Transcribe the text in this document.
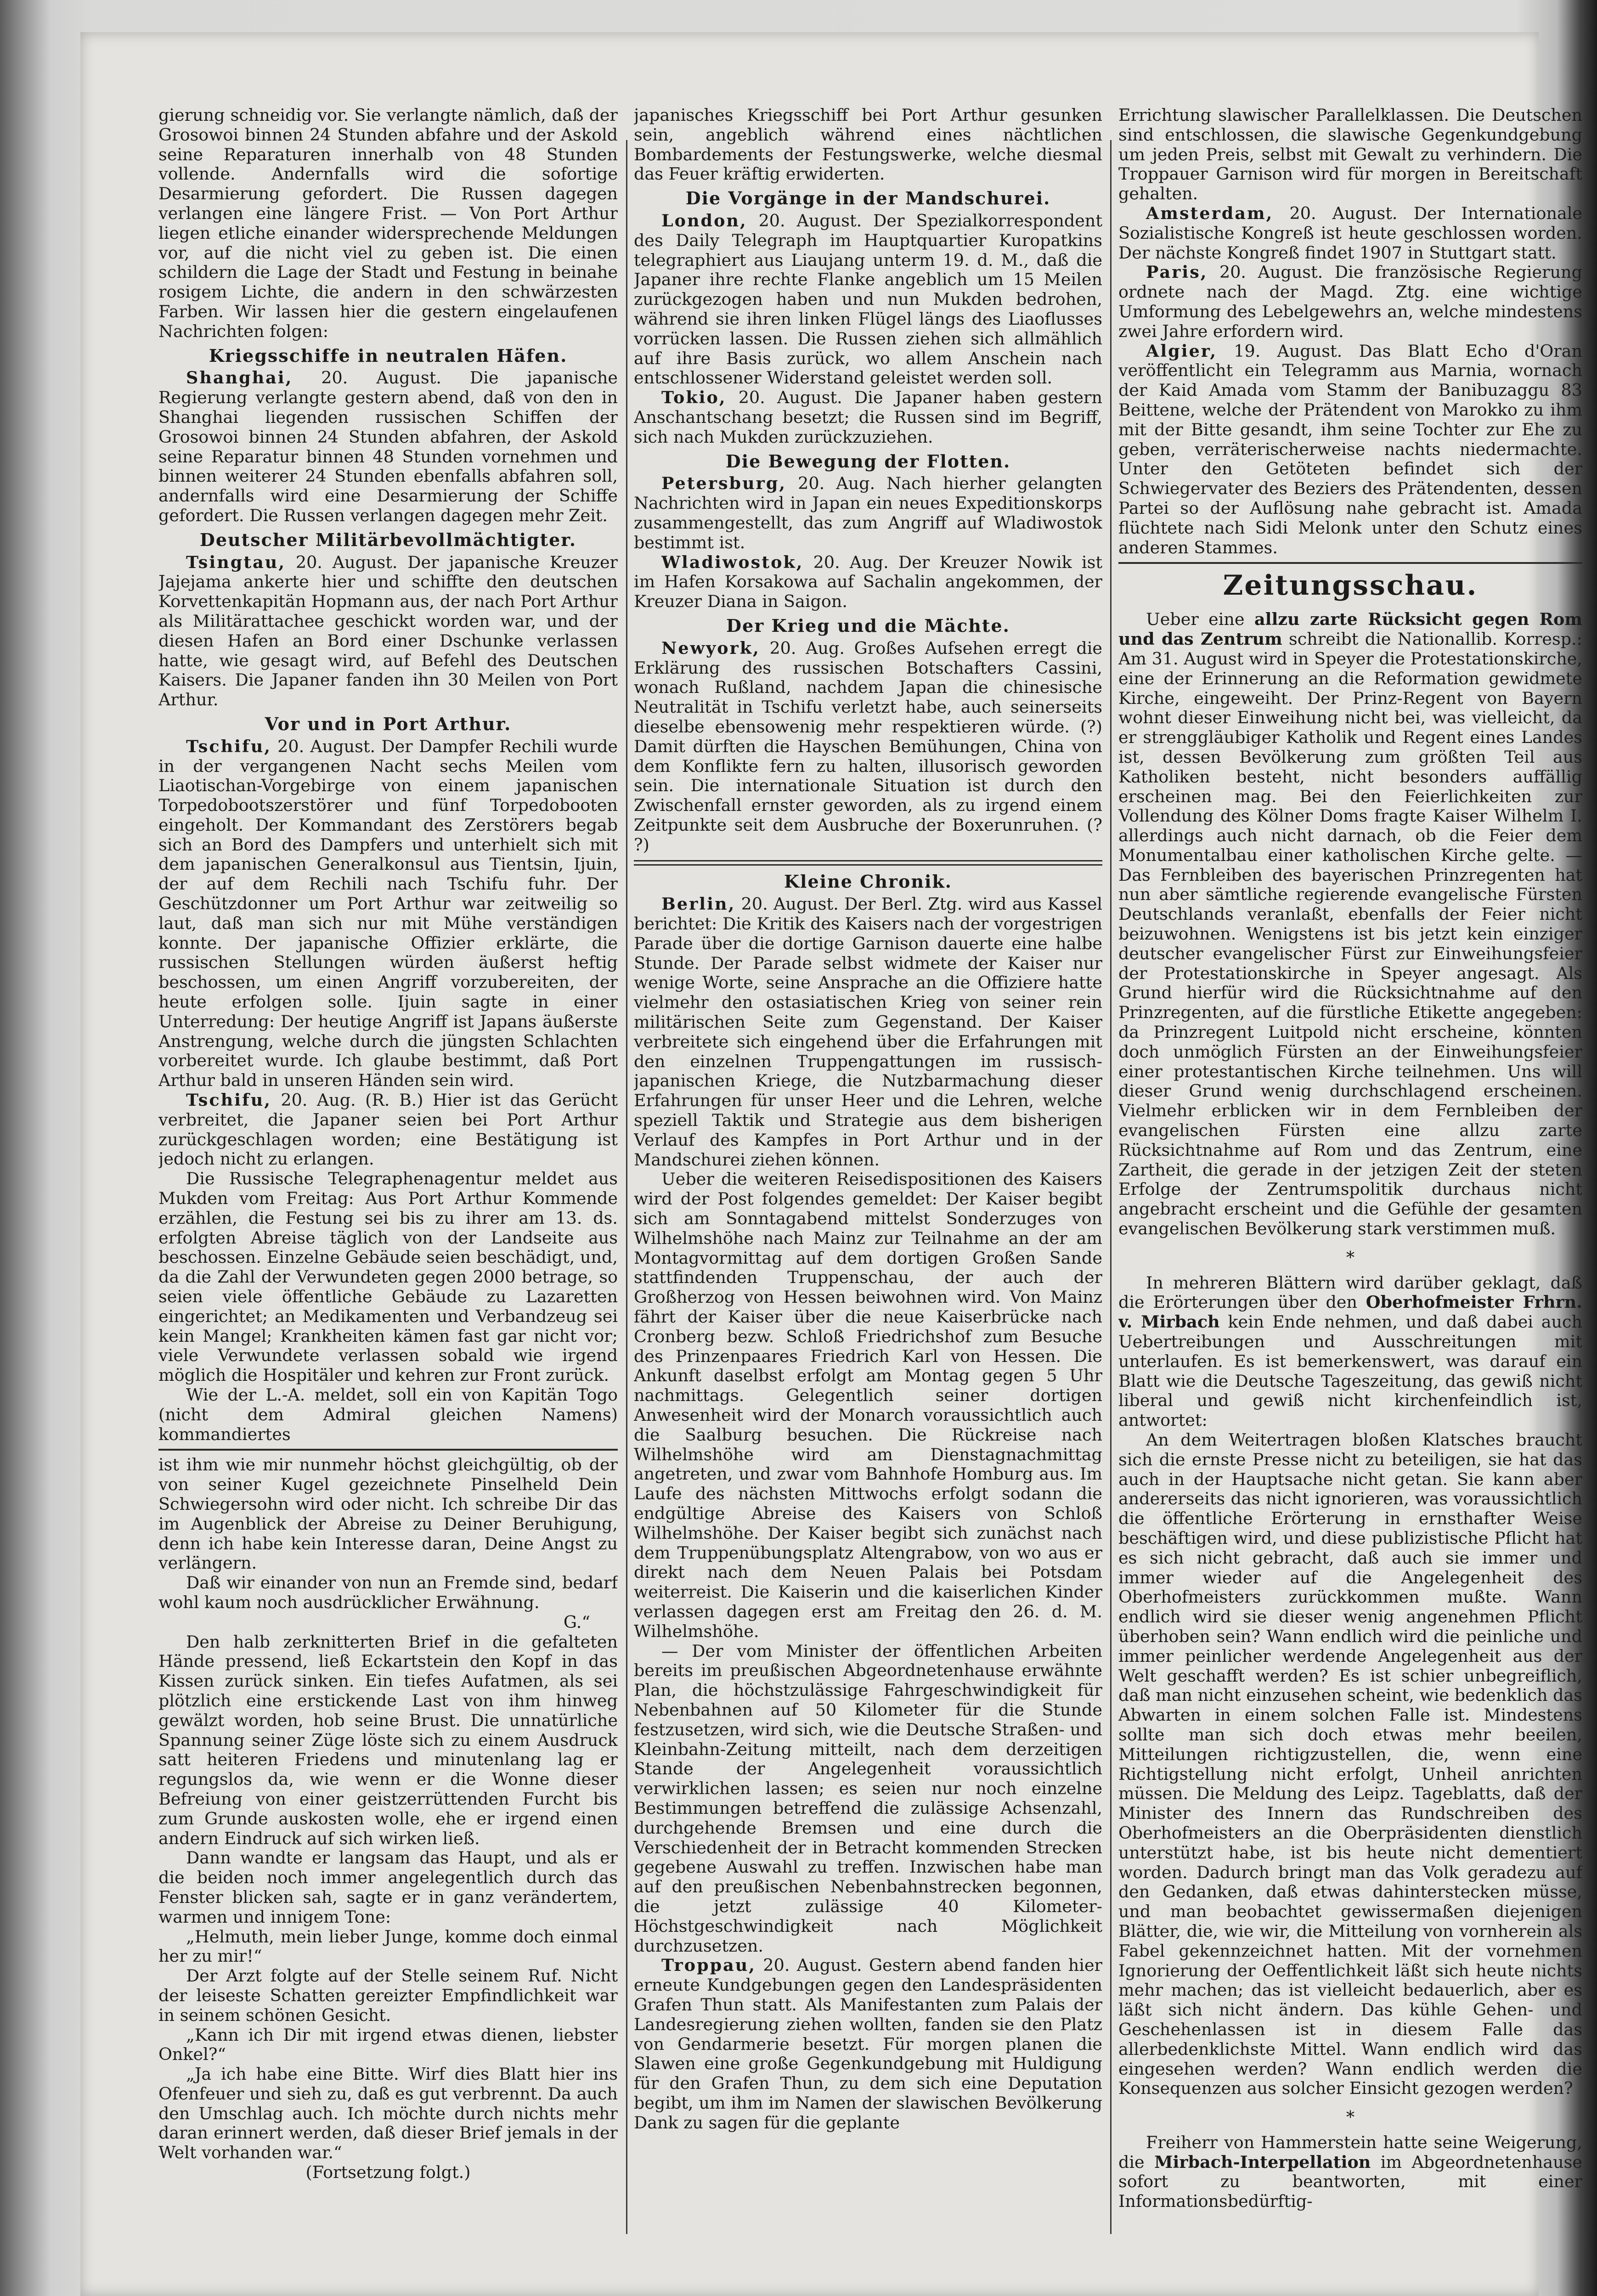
gierung schneidig vor. Sie verlangte nämlich, daß der Grosowoi binnen 24 Stunden abfahre und der Askold seine Reparaturen innerhalb von 48 Stunden vollende. Andernfalls wird die sofortige Desarmierung gefordert. Die Russen dagegen verlangen eine längere Frist. — Von Port Arthur liegen etliche einander widersprechende Meldungen vor, auf die nicht viel zu geben ist. Die einen schildern die Lage der Stadt und Festung in beinahe rosigem Lichte, die andern in den schwärzesten Farben. Wir lassen hier die gestern eingelaufenen Nachrichten folgen:

Kriegsschiffe in neutralen Häfen.

Shanghai, 20. August. Die japanische Regierung verlangte gestern abend, daß von den in Shanghai liegenden russischen Schiffen der Grosowoi binnen 24 Stunden abfahren, der Askold seine Reparatur binnen 48 Stunden vornehmen und binnen weiterer 24 Stunden ebenfalls abfahren soll, andernfalls wird eine Desarmierung der Schiffe gefordert. Die Russen verlangen dagegen mehr Zeit.

Deutscher Militärbevollmächtigter.

Tsingtau, 20. August. Der japanische Kreuzer Jajejama ankerte hier und schiffte den deutschen Korvettenkapitän Hopmann aus, der nach Port Arthur als Militärattachee geschickt worden war, und der diesen Hafen an Bord einer Dschunke verlassen hatte, wie gesagt wird, auf Befehl des Deutschen Kaisers. Die Japaner fanden ihn 30 Meilen von Port Arthur.

Vor und in Port Arthur.

Tschifu, 20. August. Der Dampfer Rechili wurde in der vergangenen Nacht sechs Meilen vom Liaotischan-Vorgebirge von einem japanischen Torpedobootszerstörer und fünf Torpedobooten eingeholt. Der Kommandant des Zerstörers begab sich an Bord des Dampfers und unterhielt sich mit dem japanischen Generalkonsul aus Tientsin, Ijuin, der auf dem Rechili nach Tschifu fuhr. Der Geschützdonner um Port Arthur war zeitweilig so laut, daß man sich nur mit Mühe verständigen konnte. Der japanische Offizier erklärte, die russischen Stellungen würden äußerst heftig beschossen, um einen Angriff vorzubereiten, der heute erfolgen solle. Ijuin sagte in einer Unterredung: Der heutige Angriff ist Japans äußerste Anstrengung, welche durch die jüngsten Schlachten vorbereitet wurde. Ich glaube bestimmt, daß Port Arthur bald in unseren Händen sein wird.

Tschifu, 20. Aug. (R. B.) Hier ist das Gerücht verbreitet, die Japaner seien bei Port Arthur zurückgeschlagen worden; eine Bestätigung ist jedoch nicht zu erlangen.

Die Russische Telegraphenagentur meldet aus Mukden vom Freitag: Aus Port Arthur Kommende erzählen, die Festung sei bis zu ihrer am 13. ds. erfolgten Abreise täglich von der Landseite aus beschossen. Einzelne Gebäude seien beschädigt, und, da die Zahl der Verwundeten gegen 2000 betrage, so seien viele öffentliche Gebäude zu Lazaretten eingerichtet; an Medikamenten und Verbandzeug sei kein Mangel; Krankheiten kämen fast gar nicht vor; viele Verwundete verlassen sobald wie irgend möglich die Hospitäler und kehren zur Front zurück.

Wie der L.-A. meldet, soll ein von Kapitän Togo (nicht dem Admiral gleichen Namens) kommandiertes

ist ihm wie mir nunmehr höchst gleichgültig, ob der von seiner Kugel gezeichnete Pinselheld Dein Schwiegersohn wird oder nicht. Ich schreibe Dir das im Augenblick der Abreise zu Deiner Beruhigung, denn ich habe kein Interesse daran, Deine Angst zu verlängern.

Daß wir einander von nun an Fremde sind, bedarf wohl kaum noch ausdrücklicher Erwähnung.

G.“

Den halb zerknitterten Brief in die gefalteten Hände pressend, ließ Eckartstein den Kopf in das Kissen zurück sinken. Ein tiefes Aufatmen, als sei plötzlich eine erstickende Last von ihm hinweg gewälzt worden, hob seine Brust. Die unnatürliche Spannung seiner Züge löste sich zu einem Ausdruck satt heiteren Friedens und minutenlang lag er regungslos da, wie wenn er die Wonne dieser Befreiung von einer geistzerrüttenden Furcht bis zum Grunde auskosten wolle, ehe er irgend einen andern Eindruck auf sich wirken ließ.

Dann wandte er langsam das Haupt, und als er die beiden noch immer angelegentlich durch das Fenster blicken sah, sagte er in ganz verändertem, warmen und innigem Tone:

„Helmuth, mein lieber Junge, komme doch einmal her zu mir!“

Der Arzt folgte auf der Stelle seinem Ruf. Nicht der leiseste Schatten gereizter Empfindlichkeit war in seinem schönen Gesicht.

„Kann ich Dir mit irgend etwas dienen, liebster Onkel?“

„Ja ich habe eine Bitte. Wirf dies Blatt hier ins Ofenfeuer und sieh zu, daß es gut verbrennt. Da auch den Umschlag auch. Ich möchte durch nichts mehr daran erinnert werden, daß dieser Brief jemals in der Welt vorhanden war.“

(Fortsetzung folgt.)

japanisches Kriegsschiff bei Port Arthur gesunken sein, angeblich während eines nächtlichen Bombardements der Festungswerke, welche diesmal das Feuer kräftig erwiderten.

Die Vorgänge in der Mandschurei.

London, 20. August. Der Spezialkorrespondent des Daily Telegraph im Hauptquartier Kuropatkins telegraphiert aus Liaujang unterm 19. d. M., daß die Japaner ihre rechte Flanke angeblich um 15 Meilen zurückgezogen haben und nun Mukden bedrohen, während sie ihren linken Flügel längs des Liaoflusses vorrücken lassen. Die Russen ziehen sich allmählich auf ihre Basis zurück, wo allem Anschein nach entschlossener Widerstand geleistet werden soll.

Tokio, 20. August. Die Japaner haben gestern Anschantschang besetzt; die Russen sind im Begriff, sich nach Mukden zurückzuziehen.

Die Bewegung der Flotten.

Petersburg, 20. Aug. Nach hierher gelangten Nachrichten wird in Japan ein neues Expeditionskorps zusammengestellt, das zum Angriff auf Wladiwostok bestimmt ist.

Wladiwostok, 20. Aug. Der Kreuzer Nowik ist im Hafen Korsakowa auf Sachalin angekommen, der Kreuzer Diana in Saigon.

Der Krieg und die Mächte.

Newyork, 20. Aug. Großes Aufsehen erregt die Erklärung des russischen Botschafters Cassini, wonach Rußland, nachdem Japan die chinesische Neutralität in Tschifu verletzt habe, auch seinerseits dieselbe ebensowenig mehr respektieren würde. (?) Damit dürften die Hayschen Bemühungen, China von dem Konflikte fern zu halten, illusorisch geworden sein. Die internationale Situation ist durch den Zwischenfall ernster geworden, als zu irgend einem Zeitpunkte seit dem Ausbruche der Boxerunruhen. (? ?)

Kleine Chronik.

Berlin, 20. August. Der Berl. Ztg. wird aus Kassel berichtet: Die Kritik des Kaisers nach der vorgestrigen Parade über die dortige Garnison dauerte eine halbe Stunde. Der Parade selbst widmete der Kaiser nur wenige Worte, seine Ansprache an die Offiziere hatte vielmehr den ostasiatischen Krieg von seiner rein militärischen Seite zum Gegenstand. Der Kaiser verbreitete sich eingehend über die Erfahrungen mit den einzelnen Truppengattungen im russisch-japanischen Kriege, die Nutzbarmachung dieser Erfahrungen für unser Heer und die Lehren, welche speziell Taktik und Strategie aus dem bisherigen Verlauf des Kampfes in Port Arthur und in der Mandschurei ziehen können.

Ueber die weiteren Reisedispositionen des Kaisers wird der Post folgendes gemeldet: Der Kaiser begibt sich am Sonntagabend mittelst Sonderzuges von Wilhelmshöhe nach Mainz zur Teilnahme an der am Montagvormittag auf dem dortigen Großen Sande stattfindenden Truppenschau, der auch der Großherzog von Hessen beiwohnen wird. Von Mainz fährt der Kaiser über die neue Kaiserbrücke nach Cronberg bezw. Schloß Friedrichshof zum Besuche des Prinzenpaares Friedrich Karl von Hessen. Die Ankunft daselbst erfolgt am Montag gegen 5 Uhr nachmittags. Gelegentlich seiner dortigen Anwesenheit wird der Monarch voraussichtlich auch die Saalburg besuchen. Die Rückreise nach Wilhelmshöhe wird am Dienstagnachmittag angetreten, und zwar vom Bahnhofe Homburg aus. Im Laufe des nächsten Mittwochs erfolgt sodann die endgültige Abreise des Kaisers von Schloß Wilhelmshöhe. Der Kaiser begibt sich zunächst nach dem Truppenübungsplatz Altengrabow, von wo aus er direkt nach dem Neuen Palais bei Potsdam weiterreist. Die Kaiserin und die kaiserlichen Kinder verlassen dagegen erst am Freitag den 26. d. M. Wilhelmshöhe.

— Der vom Minister der öffentlichen Arbeiten bereits im preußischen Abgeordnetenhause erwähnte Plan, die höchstzulässige Fahrgeschwindigkeit für Nebenbahnen auf 50 Kilometer für die Stunde festzusetzen, wird sich, wie die Deutsche Straßen- und Kleinbahn-Zeitung mitteilt, nach dem derzeitigen Stande der Angelegenheit voraussichtlich verwirklichen lassen; es seien nur noch einzelne Bestimmungen betreffend die zulässige Achsenzahl, durchgehende Bremsen und eine durch die Verschiedenheit der in Betracht kommenden Strecken gegebene Auswahl zu treffen. Inzwischen habe man auf den preußischen Nebenbahnstrecken begonnen, die jetzt zulässige 40 Kilometer-Höchstgeschwindigkeit nach Möglichkeit durchzusetzen.

Troppau, 20. August. Gestern abend fanden hier erneute Kundgebungen gegen den Landespräsidenten Grafen Thun statt. Als Manifestanten zum Palais der Landesregierung ziehen wollten, fanden sie den Platz von Gendarmerie besetzt. Für morgen planen die Slawen eine große Gegenkundgebung mit Huldigung für den Grafen Thun, zu dem sich eine Deputation begibt, um ihm im Namen der slawischen Bevölkerung Dank zu sagen für die geplante

Errichtung slawischer Parallelklassen. Die Deutschen sind entschlossen, die slawische Gegenkundgebung um jeden Preis, selbst mit Gewalt zu verhindern. Die Troppauer Garnison wird für morgen in Bereitschaft gehalten.

Amsterdam, 20. August. Der Internationale Sozialistische Kongreß ist heute geschlossen worden. Der nächste Kongreß findet 1907 in Stuttgart statt.

Paris, 20. August. Die französische Regierung ordnete nach der Magd. Ztg. eine wichtige Umformung des Lebelgewehrs an, welche mindestens zwei Jahre erfordern wird.

Algier, 19. August. Das Blatt Echo d'Oran veröffentlicht ein Telegramm aus Marnia, wornach der Kaid Amada vom Stamm der Banibuzaggu 83 Beittene, welche der Prätendent von Marokko zu ihm mit der Bitte gesandt, ihm seine Tochter zur Ehe zu geben, verräterischerweise nachts niedermachte. Unter den Getöteten befindet sich der Schwiegervater des Beziers des Prätendenten, dessen Partei so der Auflösung nahe gebracht ist. Amada flüchtete nach Sidi Melonk unter den Schutz eines anderen Stammes.

Zeitungsschau.

Ueber eine allzu zarte Rücksicht gegen Rom und das Zentrum schreibt die Nationallib. Korresp.: Am 31. August wird in Speyer die Protestationskirche, eine der Erinnerung an die Reformation gewidmete Kirche, eingeweiht. Der Prinz-Regent von Bayern wohnt dieser Einweihung nicht bei, was vielleicht, da er strenggläubiger Katholik und Regent eines Landes ist, dessen Bevölkerung zum größten Teil aus Katholiken besteht, nicht besonders auffällig erscheinen mag. Bei den Feierlichkeiten zur Vollendung des Kölner Doms fragte Kaiser Wilhelm I. allerdings auch nicht darnach, ob die Feier dem Monumentalbau einer katholischen Kirche gelte. — Das Fernbleiben des bayerischen Prinzregenten hat nun aber sämtliche regierende evangelische Fürsten Deutschlands veranlaßt, ebenfalls der Feier nicht beizuwohnen. Wenigstens ist bis jetzt kein einziger deutscher evangelischer Fürst zur Einweihungsfeier der Protestationskirche in Speyer angesagt. Als Grund hierfür wird die Rücksichtnahme auf den Prinzregenten, auf die fürstliche Etikette angegeben: da Prinzregent Luitpold nicht erscheine, könnten doch unmöglich Fürsten an der Einweihungsfeier einer protestantischen Kirche teilnehmen. Uns will dieser Grund wenig durchschlagend erscheinen. Vielmehr erblicken wir in dem Fernbleiben der evangelischen Fürsten eine allzu zarte Rücksichtnahme auf Rom und das Zentrum, eine Zartheit, die gerade in der jetzigen Zeit der steten Erfolge der Zentrumspolitik durchaus nicht angebracht erscheint und die Gefühle der gesamten evangelischen Bevölkerung stark verstimmen muß.

*

In mehreren Blättern wird darüber geklagt, daß die Erörterungen über den Oberhofmeister Frhrn. v. Mirbach kein Ende nehmen, und daß dabei auch Uebertreibungen und Ausschreitungen mit unterlaufen. Es ist bemerkenswert, was darauf ein Blatt wie die Deutsche Tageszeitung, das gewiß nicht liberal und gewiß nicht kirchenfeindlich ist, antwortet:

An dem Weitertragen bloßen Klatsches braucht sich die ernste Presse nicht zu beteiligen, sie hat das auch in der Hauptsache nicht getan. Sie kann aber andererseits das nicht ignorieren, was voraussichtlich die öffentliche Erörterung in ernsthafter Weise beschäftigen wird, und diese publizistische Pflicht hat es sich nicht gebracht, daß auch sie immer und immer wieder auf die Angelegenheit des Oberhofmeisters zurückkommen mußte. Wann endlich wird sie dieser wenig angenehmen Pflicht überhoben sein? Wann endlich wird die peinliche und immer peinlicher werdende Angelegenheit aus der Welt geschafft werden? Es ist schier unbegreiflich, daß man nicht einzusehen scheint, wie bedenklich das Abwarten in einem solchen Falle ist. Mindestens sollte man sich doch etwas mehr beeilen, Mitteilungen richtigzustellen, die, wenn eine Richtigstellung nicht erfolgt, Unheil anrichten müssen. Die Meldung des Leipz. Tageblatts, daß der Minister des Innern das Rundschreiben des Oberhofmeisters an die Oberpräsidenten dienstlich unterstützt habe, ist bis heute nicht dementiert worden. Dadurch bringt man das Volk geradezu auf den Gedanken, daß etwas dahinterstecken müsse, und man beobachtet gewissermaßen diejenigen Blätter, die, wie wir, die Mitteilung von vornherein als Fabel gekennzeichnet hatten. Mit der vornehmen Ignorierung der Oeffentlichkeit läßt sich heute nichts mehr machen; das ist vielleicht bedauerlich, aber es läßt sich nicht ändern. Das kühle Gehen- und Geschehenlassen ist in diesem Falle das allerbedenklichste Mittel. Wann endlich wird das eingesehen werden? Wann endlich werden die Konsequenzen aus solcher Einsicht gezogen werden?

*

Freiherr von Hammerstein hatte seine Weigerung, die Mirbach-Interpellation im Abgeordnetenhause sofort zu beantworten, mit einer Informationsbedürftig-
